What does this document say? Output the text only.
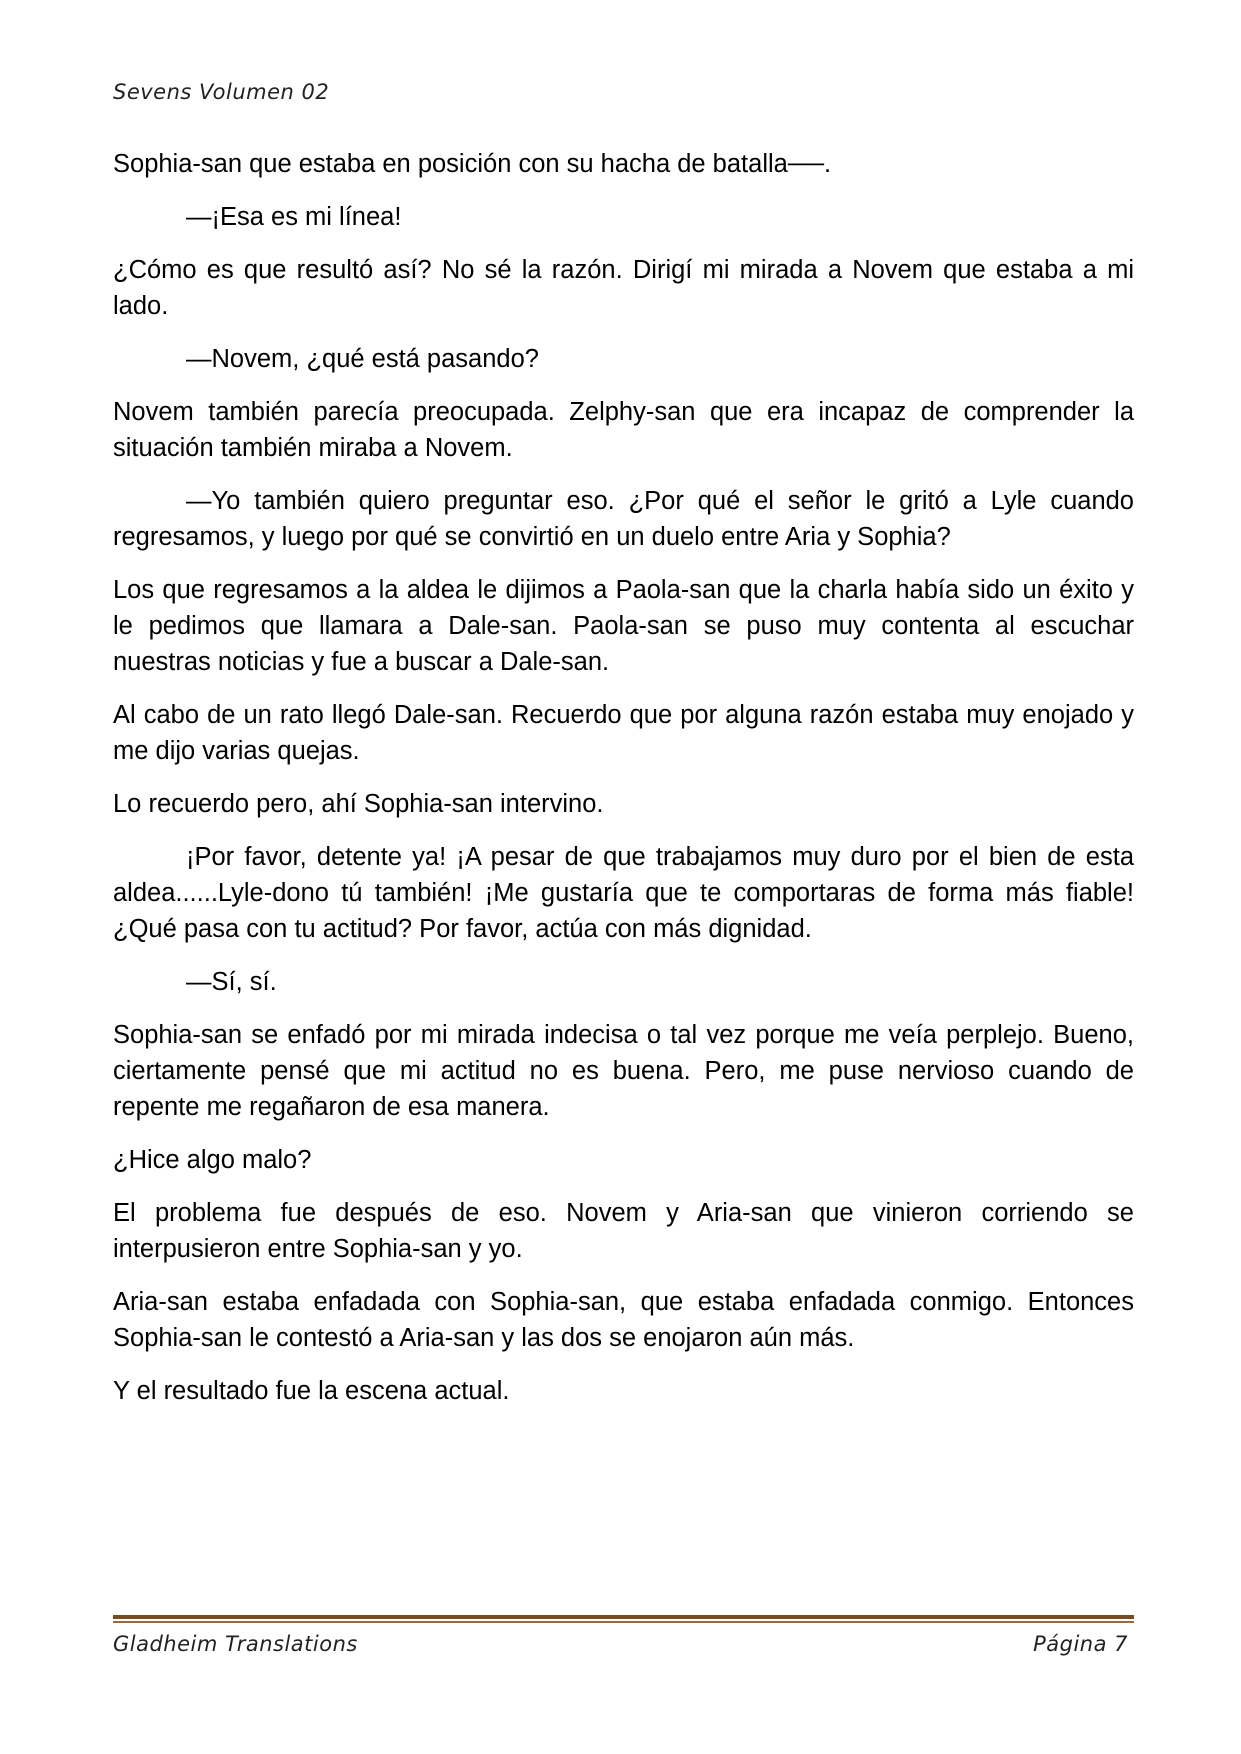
Sevens Volumen 02

Sophia-san que estaba en posición con su hacha de batalla──.

—¡Esa es mi línea!

¿Cómo es que resultó así? No sé la razón. Dirigí mi mirada a Novem que estaba a mi lado.

—Novem, ¿qué está pasando?

Novem también parecía preocupada. Zelphy-san que era incapaz de comprender la situación también miraba a Novem.

—Yo también quiero preguntar eso. ¿Por qué el señor le gritó a Lyle cuando regresamos, y luego por qué se convirtió en un duelo entre Aria y Sophia?

Los que regresamos a la aldea le dijimos a Paola-san que la charla había sido un éxito y le pedimos que llamara a Dale-san. Paola-san se puso muy contenta al escuchar nuestras noticias y fue a buscar a Dale-san.

Al cabo de un rato llegó Dale-san. Recuerdo que por alguna razón estaba muy enojado y me dijo varias quejas.

Lo recuerdo pero, ahí Sophia-san intervino.

¡Por favor, detente ya! ¡A pesar de que trabajamos muy duro por el bien de esta aldea......Lyle-dono tú también! ¡Me gustaría que te comportaras de forma más fiable! ¿Qué pasa con tu actitud? Por favor, actúa con más dignidad.

—Sí, sí.

Sophia-san se enfadó por mi mirada indecisa o tal vez porque me veía perplejo. Bueno, ciertamente pensé que mi actitud no es buena. Pero, me puse nervioso cuando de repente me regañaron de esa manera.

¿Hice algo malo?

El problema fue después de eso. Novem y Aria-san que vinieron corriendo se interpusieron entre Sophia-san y yo.

Aria-san estaba enfadada con Sophia-san, que estaba enfadada conmigo. Entonces Sophia-san le contestó a Aria-san y las dos se enojaron aún más.

Y el resultado fue la escena actual.

Gladheim Translations	Página 7
